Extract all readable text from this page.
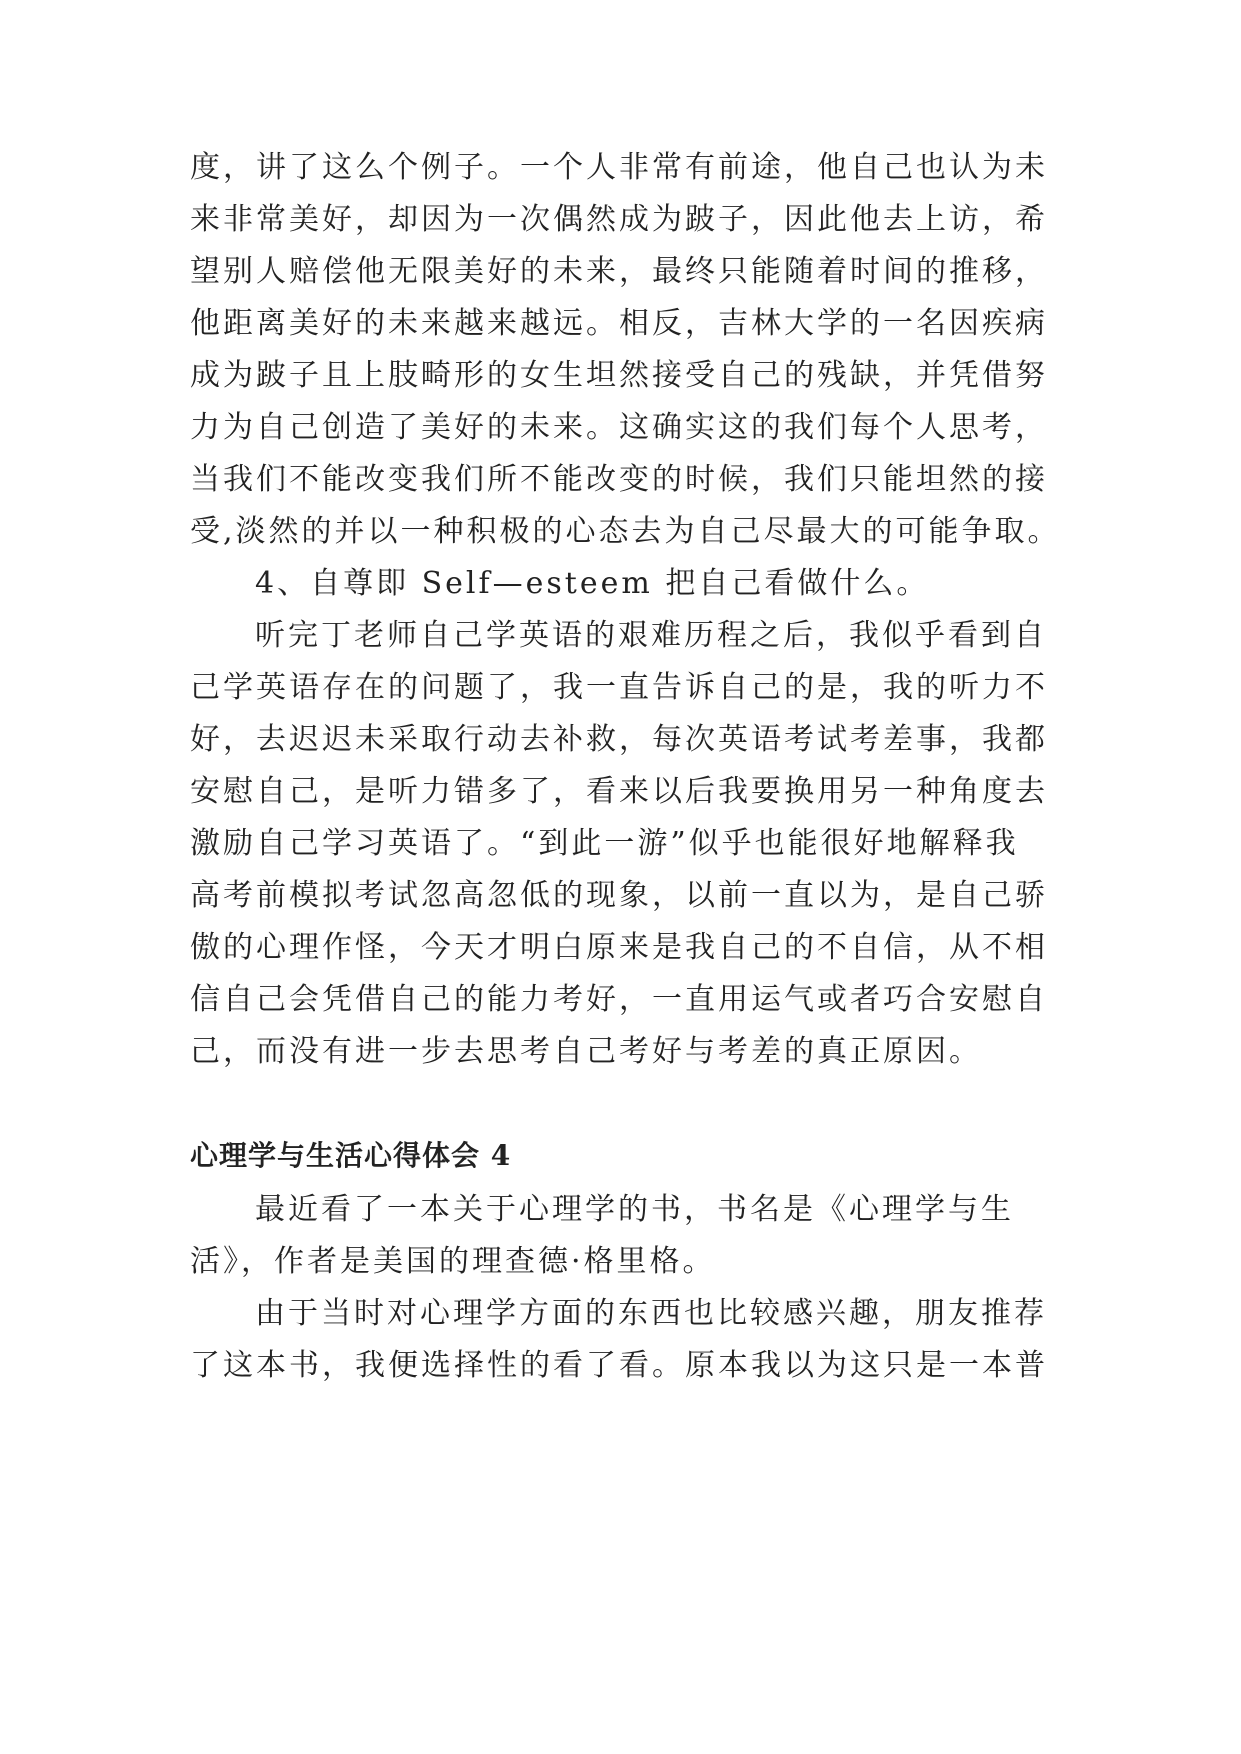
度，讲了这么个例子。一个人非常有前途，他自己也认为未

来非常美好，却因为一次偶然成为跛子，因此他去上访，希

望别人赔偿他无限美好的未来，最终只能随着时间的推移，

他距离美好的未来越来越远。相反，吉林大学的一名因疾病

成为跛子且上肢畸形的女生坦然接受自己的残缺，并凭借努

力为自己创造了美好的未来。这确实这的我们每个人思考，

当我们不能改变我们所不能改变的时候，我们只能坦然的接

受,淡然的并以一种积极的心态去为自己尽最大的可能争取。

4、自尊即 Self—esteem 把自己看做什么。

听完丁老师自己学英语的艰难历程之后，我似乎看到自

己学英语存在的问题了，我一直告诉自己的是，我的听力不

好，去迟迟未采取行动去补救，每次英语考试考差事，我都

安慰自己，是听力错多了，看来以后我要换用另一种角度去

激励自己学习英语了。“到此一游”似乎也能很好地解释我

高考前模拟考试忽高忽低的现象，以前一直以为，是自己骄

傲的心理作怪，今天才明白原来是我自己的不自信，从不相

信自己会凭借自己的能力考好，一直用运气或者巧合安慰自

己，而没有进一步去思考自己考好与考差的真正原因。

心理学与生活心得体会 4

最近看了一本关于心理学的书，书名是《心理学与生

活》，作者是美国的理查德·格里格。

由于当时对心理学方面的东西也比较感兴趣，朋友推荐

了这本书，我便选择性的看了看。原本我以为这只是一本普
